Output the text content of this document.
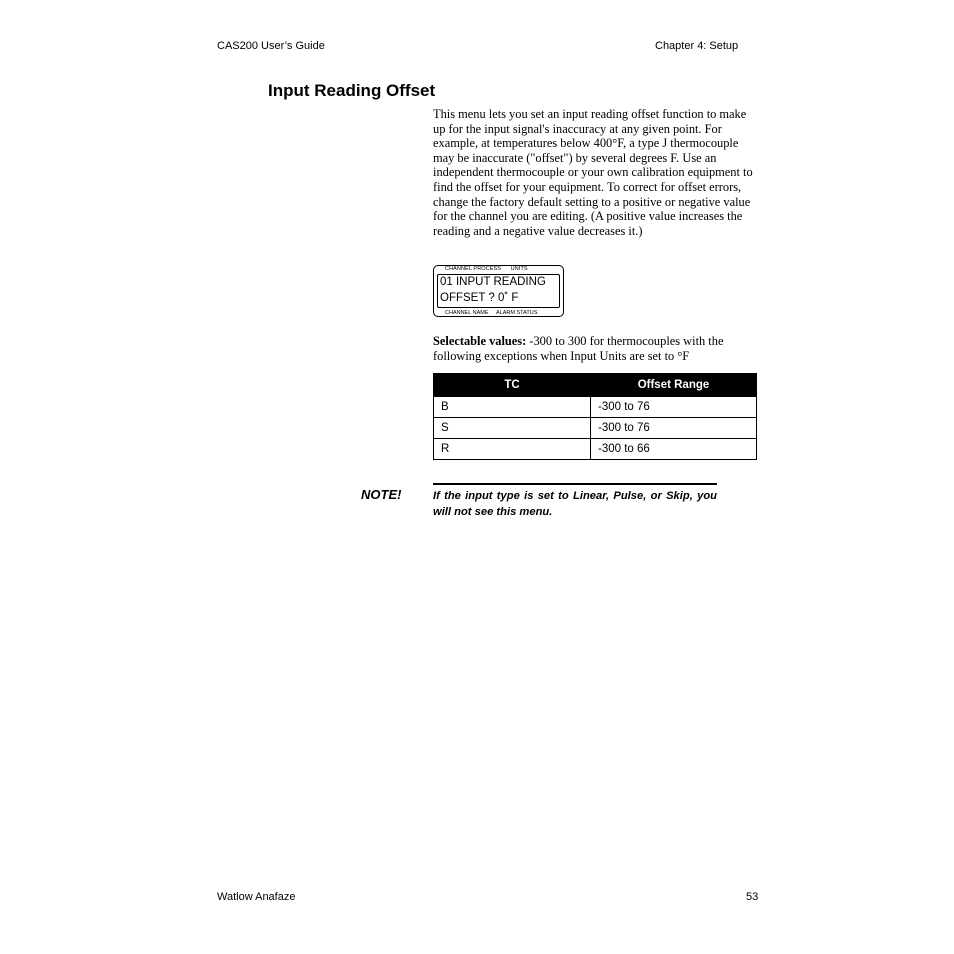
CAS200 User’s Guide	Chapter 4: Setup
Input Reading Offset
This menu lets you set an input reading offset function to make up for the input signal's inaccuracy at any given point. For example, at temperatures below 400°F, a type J thermocouple may be inaccurate ("offset") by several degrees F. Use an independent thermocouple or your own calibration equipment to find the offset for your equipment. To correct for offset errors, change the factory default setting to a positive or negative value for the channel you are editing. (A positive value increases the reading and a negative value decreases it.)
CHANNEL PROCESS UNITS
01 INPUT READING
OFFSET ? 0˚ F
CHANNEL NAME ALARM STATUS
Selectable values: -300 to 300 for thermocouples with the following exceptions when Input Units are set to °F
TC	Offset Range
B	-300 to 76
S	-300 to 76
R	-300 to 66
NOTE!	If the input type is set to Linear, Pulse, or Skip, you will not see this menu.
Watlow Anafaze	53
